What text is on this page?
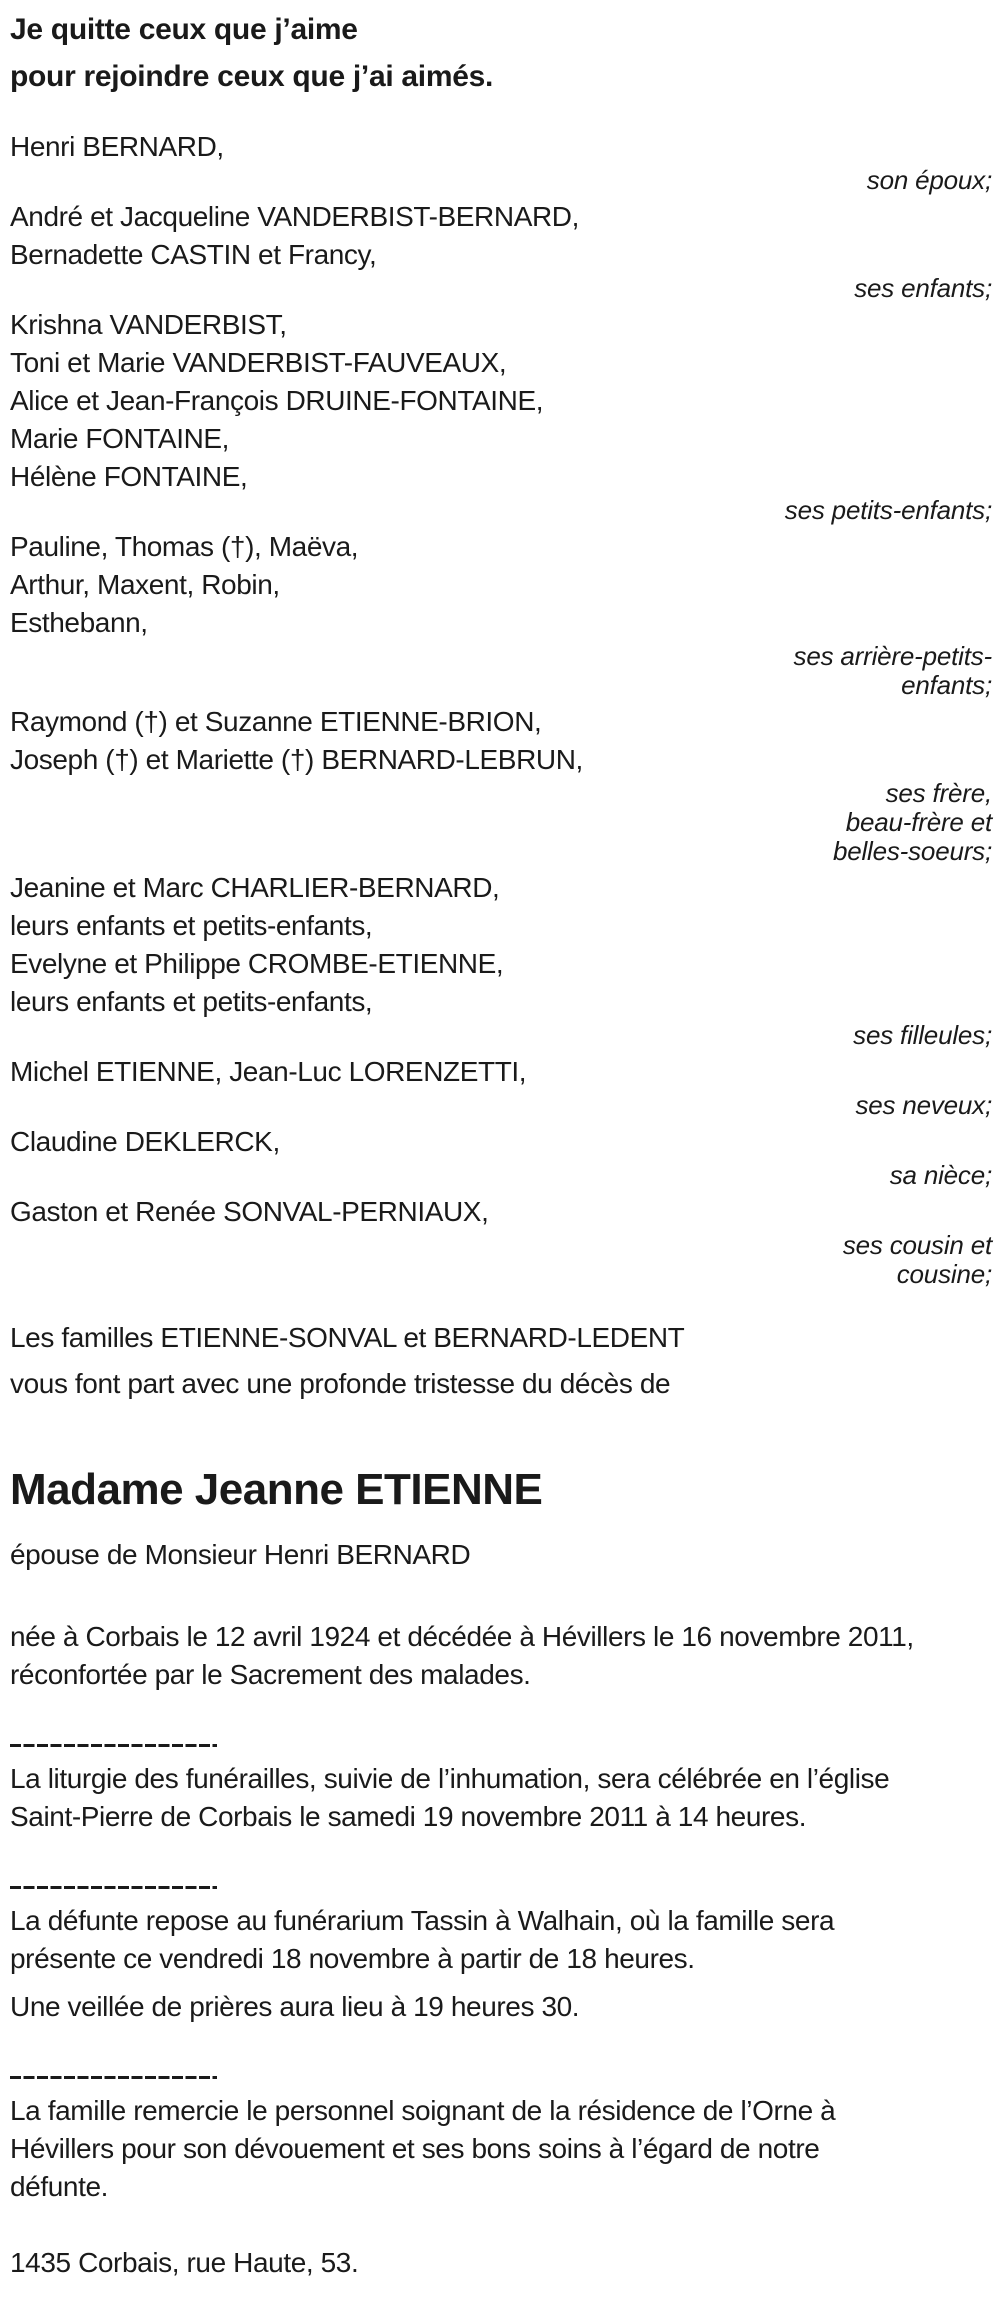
Je quitte ceux que j’aime
pour rejoindre ceux que j’ai aimés.
Henri BERNARD,
son époux;
André et Jacqueline VANDERBIST-BERNARD,
Bernadette CASTIN et Francy,
ses enfants;
Krishna VANDERBIST,
Toni et Marie VANDERBIST-FAUVEAUX,
Alice et Jean-François DRUINE-FONTAINE,
Marie FONTAINE,
Hélène FONTAINE,
ses petits-enfants;
Pauline, Thomas (†), Maëva,
Arthur, Maxent, Robin,
Esthebann,
ses arrière-petits-
enfants;
Raymond (†) et Suzanne ETIENNE-BRION,
Joseph (†) et Mariette (†) BERNARD-LEBRUN,
ses frère,
beau-frère et
belles-soeurs;
Jeanine et Marc CHARLIER-BERNARD,
leurs enfants et petits-enfants,
Evelyne et Philippe CROMBE-ETIENNE,
leurs enfants et petits-enfants,
ses filleules;
Michel ETIENNE, Jean-Luc LORENZETTI,
ses neveux;
Claudine DEKLERCK,
sa nièce;
Gaston et Renée SONVAL-PERNIAUX,
ses cousin et
cousine;

Les familles ETIENNE-SONVAL et BERNARD-LEDENT

vous font part avec une profonde tristesse du décès de

Madame Jeanne ETIENNE

épouse de Monsieur Henri BERNARD

née à Corbais le 12 avril 1924 et décédée à Hévillers le 16 novembre 2011,
réconfortée par le Sacrement des malades.

La liturgie des funérailles, suivie de l’inhumation, sera célébrée en l’église
Saint-Pierre de Corbais le samedi 19 novembre 2011 à 14 heures.

La défunte repose au funérarium Tassin à Walhain, où la famille sera
présente ce vendredi 18 novembre à partir de 18 heures.

Une veillée de prières aura lieu à 19 heures 30.

La famille remercie le personnel soignant de la résidence de l’Orne à
Hévillers pour son dévouement et ses bons soins à l’égard de notre
défunte.

1435 Corbais, rue Haute, 53.
